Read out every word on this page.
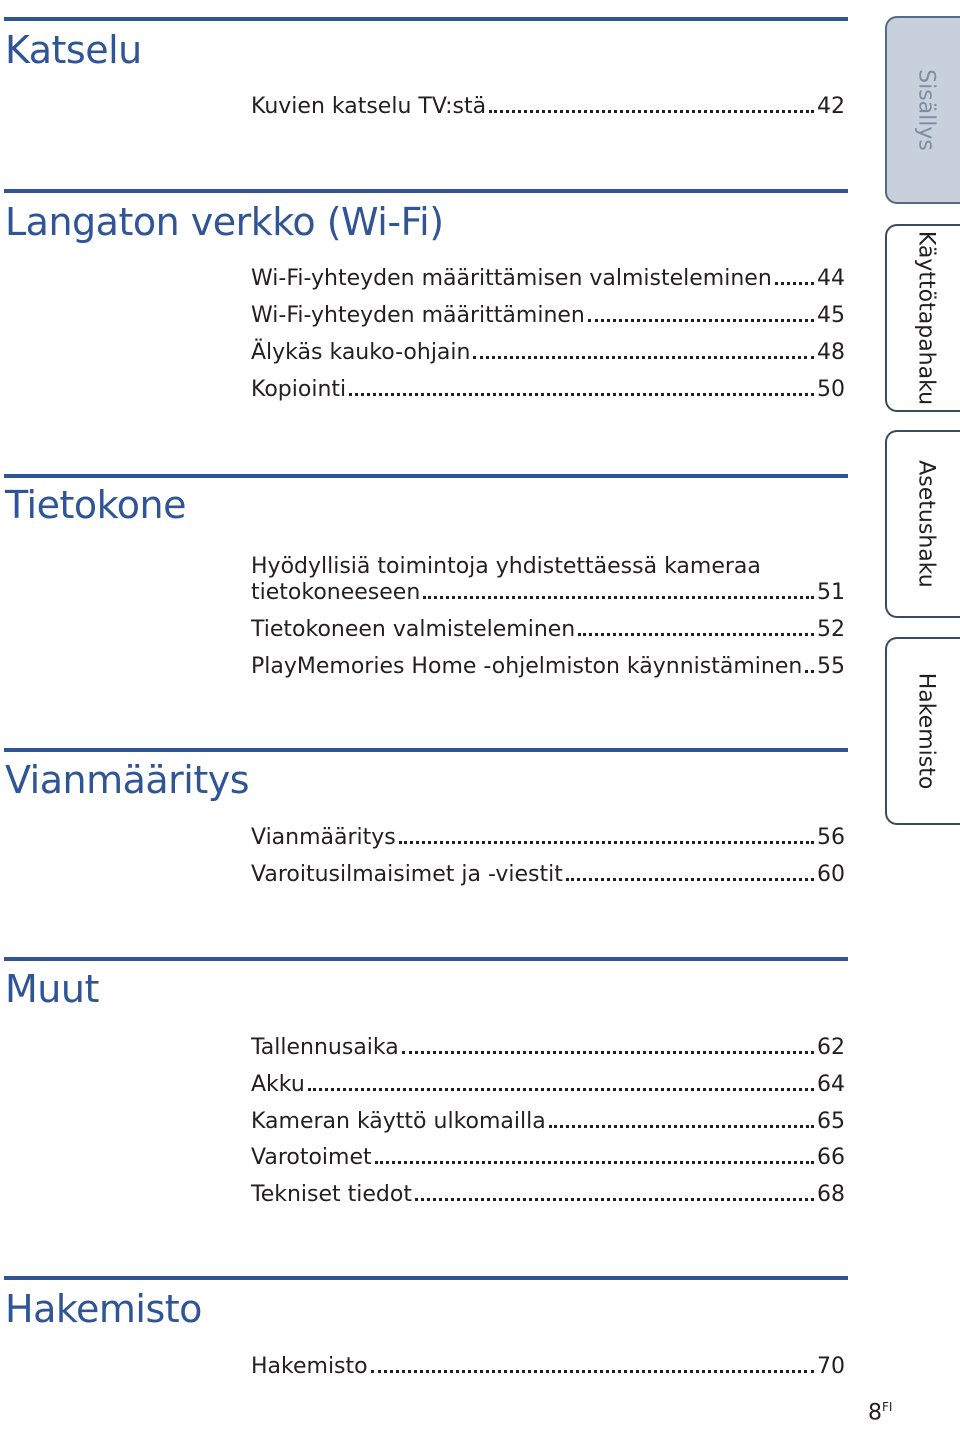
Katselu
Langaton verkko (Wi-Fi)
Tietokone
Vianmääritys
Muut
Hakemisto
Kuvien katselu TV:stä	42
Wi-Fi-yhteyden määrittämisen valmisteleminen 44
Wi-Fi-yhteyden määrittäminen	45
Älykäs kauko-ohjain	48
Kopiointi	50
Hyödyllisiä toimintoja yhdistettäessä kameraa
tietokoneeseen	51
Tietokoneen valmisteleminen	52
PlayMemories Home -ohjelmiston käynnistäminen 55
Vianmääritys	56
Varoitusilmaisimet ja -viestit	60
Tallennusaika	62
Akku	64
Kameran käyttö ulkomailla	65
Varotoimet	66
Tekniset tiedot	68
Hakemisto	70
Sisällys
Käyttötapahaku
Asetushaku
Hakemisto
$8^{FI}$
